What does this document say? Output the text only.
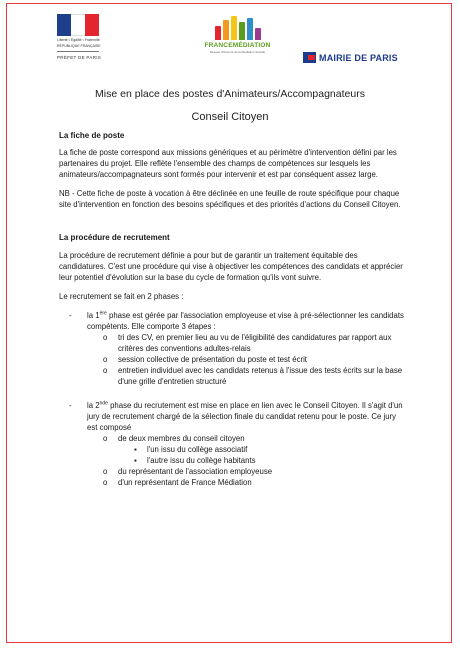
Liberté • Égalité • Fraternité
RÉPUBLIQUE FRANÇAISE
PRÉFET DE PARIS
FRANCEMÉDIATION
Réseau d'Acteurs de la Médiation Sociale
MAIRIE DE PARIS
Mise en place des postes d'Animateurs/Accompagnateurs
Conseil Citoyen
La fiche de poste
La fiche de poste correspond aux missions génériques et au périmètre d'intervention défini par les
partenaires du projet. Elle reflète l'ensemble des champs de compétences sur lesquels les
animateurs/accompagnateurs sont formés pour intervenir et est par conséquent assez large.
NB - Cette fiche de poste à vocation à être déclinée en une feuille de route spécifique pour chaque
site d'intervention en fonction des besoins spécifiques et des priorités d'actions du Conseil Citoyen.
La procédure de recrutement
La procédure de recrutement définie a pour but de garantir un traitement équitable des
candidatures. C'est une procédure qui vise à objectiver les compétences des candidats et apprécier
leur potentiel d'évolution sur la base du cycle de formation qu'ils vont suivre.
Le recrutement se fait en 2 phases :
- la 1ère phase est gérée par l'association employeuse et vise à pré-sélectionner les candidats
compétents. Elle comporte 3 étapes :
o tri des CV, en premier lieu au vu de l'éligibilité des candidatures par rapport aux
critères des conventions adultes-relais
o session collective de présentation du poste et test écrit
o entretien individuel avec les candidats retenus à l'issue des tests écrits sur la base
d'une grille d'entretien structuré
- la 2nde phase du recrutement est mise en place en lien avec le Conseil Citoyen. Il s'agit d'un
jury de recrutement chargé de la sélection finale du candidat retenu pour le poste. Ce jury
est composé
o de deux membres du conseil citoyen
▪ l'un issu du collège associatif
▪ l'autre issu du collège habitants
o du représentant de l'association employeuse
o d'un représentant de France Médiation
